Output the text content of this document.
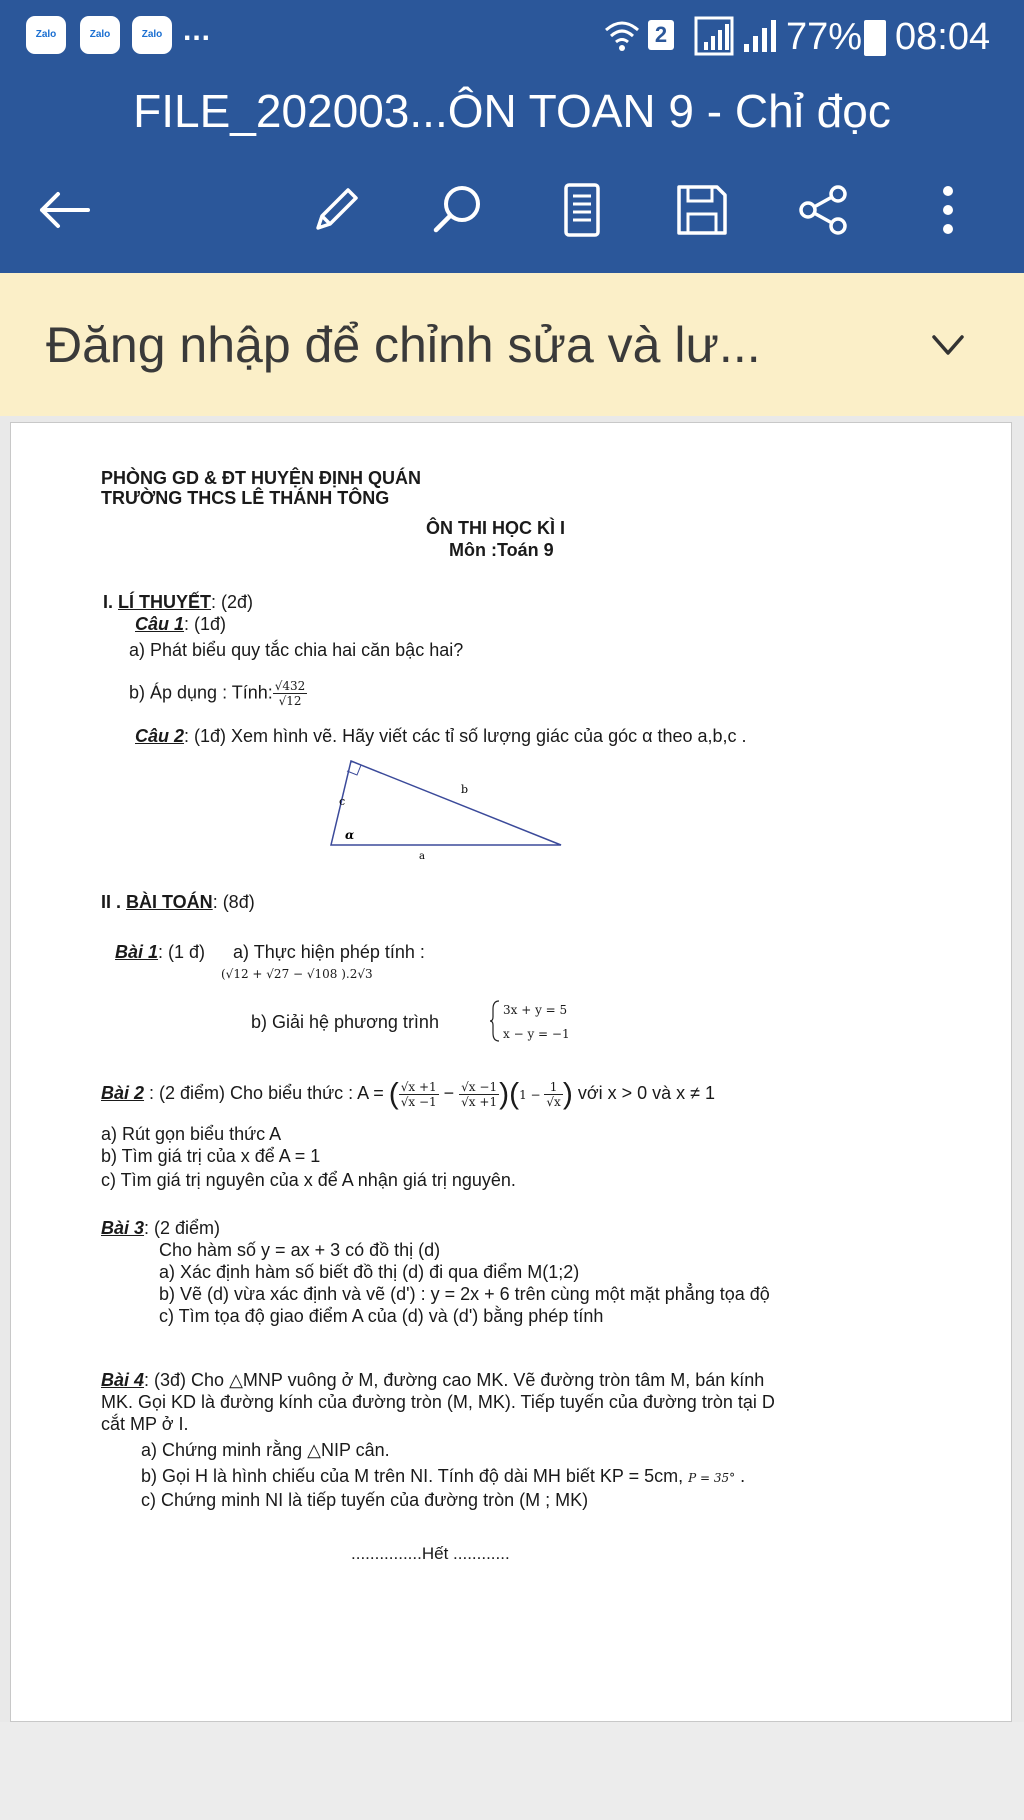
Zalo	Zalo	Zalo ...	2	77% 08:04
FILE_202003...ÔN TOAN 9 - Chỉ đọc
Đăng nhập để chỉnh sửa và lư...
PHÒNG GD & ĐT HUYỆN ĐỊNH QUÁN
TRƯỜNG THCS LÊ THÁNH TÔNG
ÔN THI HỌC KÌ I
Môn :Toán 9
I. LÍ THUYẾT: (2đ)
Câu 1: (1đ)
a) Phát biểu quy tắc chia hai căn bậc hai?
b) Áp dụng : Tính: $\frac{√432}{√12}$
Câu 2: (1đ) Xem hình vẽ. Hãy viết các tỉ số lượng giác của góc α theo a,b,c .
c
b
a
α
II . BÀI TOÁN: (8đ)
Bài 1: (1 đ) a) Thực hiện phép tính :
(√12 + √27 − √108 ).2√3
b) Giải hệ phương trình
3x + y = 5
x − y = −1
Bài 2 : (2 điểm) Cho biểu thức : A = ( $\frac{√x +1}{√x -1} - \frac{√x -1}{√x +1} )(1 - \frac{1}{√x}$ ) với x > 0 và x ≠ 1
a) Rút gọn biểu thức A
b) Tìm giá trị của x để A = 1
c) Tìm giá trị nguyên của x để A nhận giá trị nguyên.
Bài 3: (2 điểm)
Cho hàm số y = ax + 3 có đồ thị (d)
a) Xác định hàm số biết đồ thị (d) đi qua điểm M(1;2)
b) Vẽ (d) vừa xác định và vẽ (d') : y = 2x + 6 trên cùng một mặt phẳng tọa độ
c) Tìm tọa độ giao điểm A của (d) và (d') bằng phép tính
Bài 4: (3đ) Cho △MNP vuông ở M, đường cao MK. Vẽ đường tròn tâm M, bán kính
MK. Gọi KD là đường kính của đường tròn (M, MK). Tiếp tuyến của đường tròn tại D
cắt MP ở I.
a) Chứng minh rằng △NIP cân.
b) Gọi H là hình chiếu của M trên NI. Tính độ dài MH biết KP = 5cm, P = 35° .
c) Chứng minh NI là tiếp tuyến của đường tròn (M ; MK)
...............Hết ............
